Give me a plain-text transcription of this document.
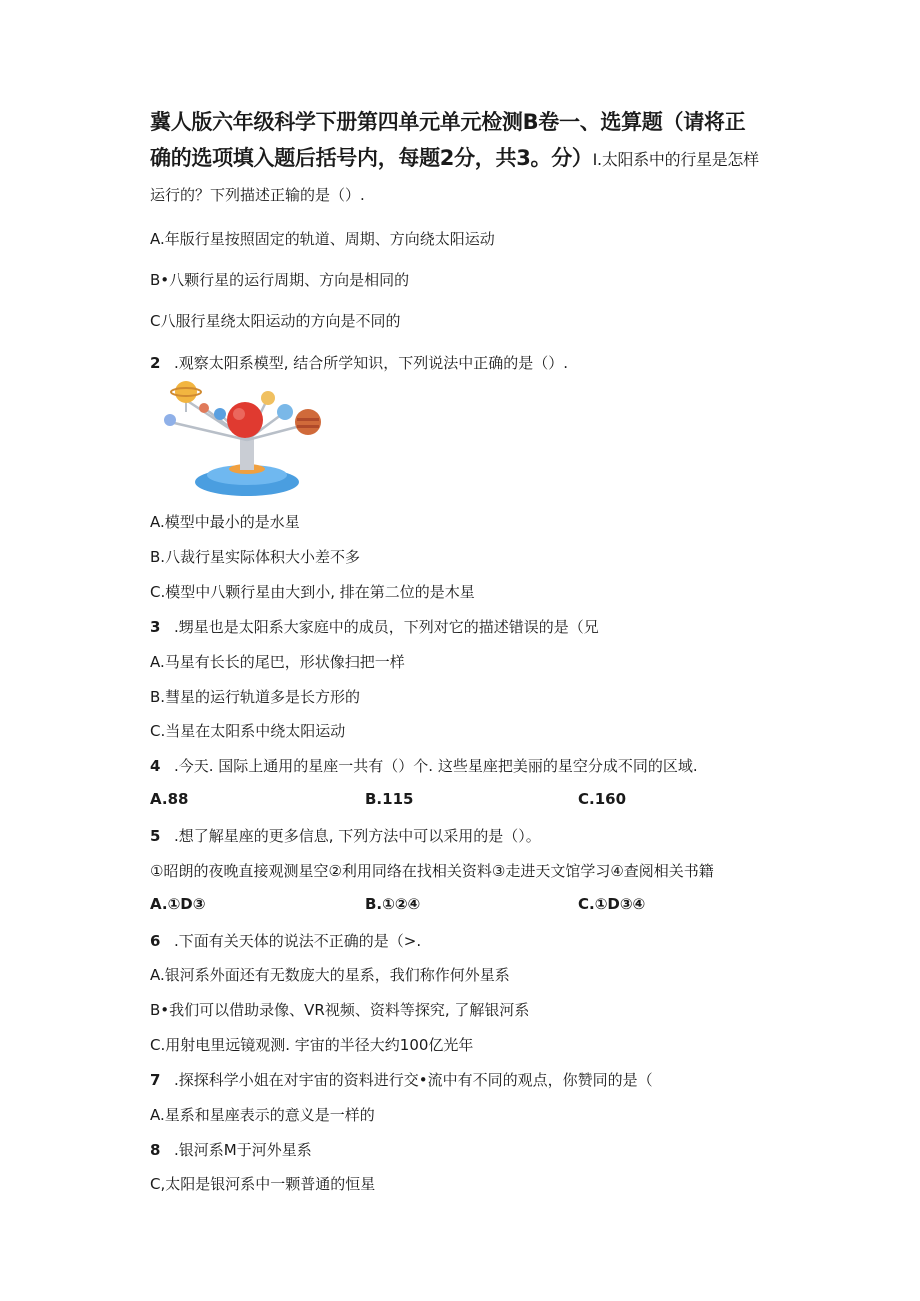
冀人版六年级科学下册第四单元单元检测B卷一、选算题（请将正确的选项填入题后括号内，每题2分，共3。分）I.太阳系中的行星是怎样
运行的？下列描述正输的是（）.
A.年版行星按照固定的轨道、周期、方向绕太阳运动
B•八颗行星的运行周期、方向是相同的
C八服行星绕太阳运动的方向是不同的
2 .观察太阳系模型, 结合所学知识，下列说法中正确的是（）.
A.模型中最小的是水星
B.八裁行星实际体积大小差不多
C.模型中八颗行星由大到小, 排在第二位的是木星
3 .甥星也是太阳系大家庭中的成员，下列对它的描述错误的是（兄
A.马星有长长的尾巴，形状像扫把一样
B.彗星的运行轨道多是长方形的
C.当星在太阳系中绕太阳运动
4 .今天. 国际上通用的星座一共有（）个. 这些星座把美丽的星空分成不同的区域.
A.88	B.115	C.160
5 .想了解星座的更多信息, 下列方法中可以采用的是（）。
①昭朗的夜晚直接观测星空②利用同络在找相关资料③走进天文馆学习④查阅相关书籍
A.①D③	B.①②④	C.①D③④
6 .下面有关天体的说法不正确的是（>.
A.银河系外面还有无数庞大的星系，我们称作何外星系
B•我们可以借助录像、VR视频、资料等探究, 了解银河系
C.用射电里远镜观测. 宇宙的半径大约100亿光年
7 .探探科学小姐在对宇宙的资料进行交•流中有不同的观点，你赞同的是（
A.星系和星座表示的意义是一样的
8 .银河系M于河外星系
C,太阳是银河系中一颗普通的恒星
